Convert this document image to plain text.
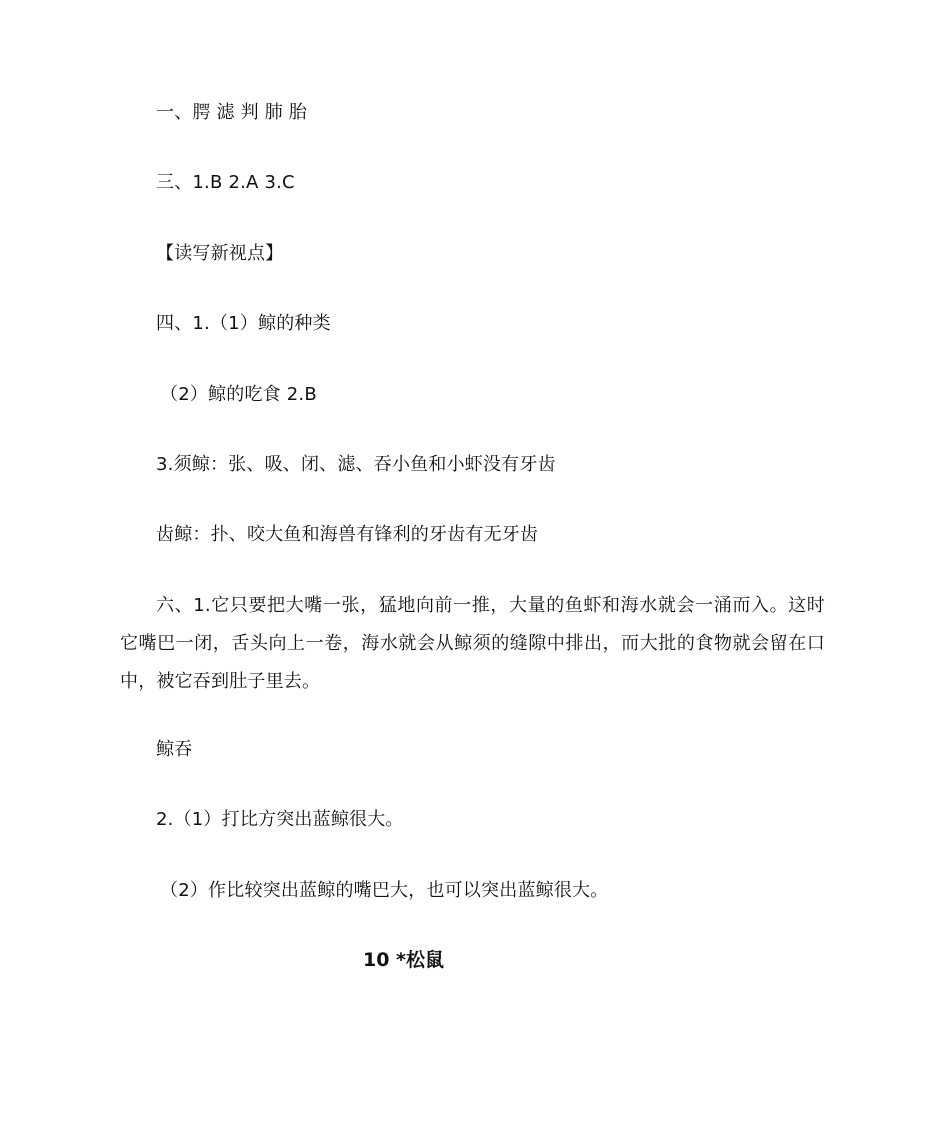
一、腭 滤 判 肺 胎
三、1.B 2.A 3.C
【读写新视点】
四、1.（1）鲸的种类
（2）鲸的吃食 2.B
3.须鲸：张、吸、闭、滤、吞小鱼和小虾没有牙齿
齿鲸：扑、咬大鱼和海兽有锋利的牙齿有无牙齿

六、1.它只要把大嘴一张，猛地向前一推，大量的鱼虾和海水就会一涌而入。这时它嘴巴一闭，舌头向上一卷，海水就会从鲸须的缝隙中排出，而大批的食物就会留在口中，被它吞到肚子里去。

鲸吞
2.（1）打比方突出蓝鲸很大。
（2）作比较突出蓝鲸的嘴巴大，也可以突出蓝鲸很大。
10 *松鼠
